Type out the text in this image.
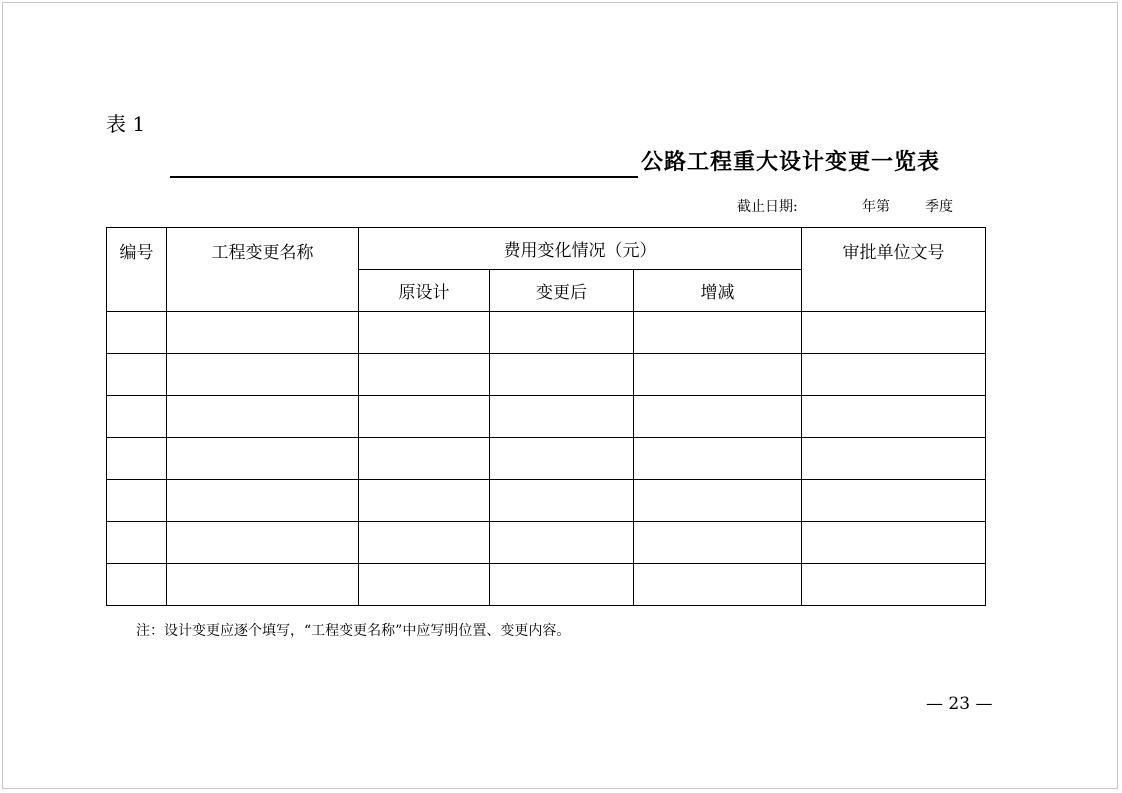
表 1
公路工程重大设计变更一览表
截止日期:	年第	季度
编号	工程变更名称	费用变化情况（元）			审批单位文号
		原设计	变更后	增减	

注：设计变更应逐个填写，“工程变更名称”中应写明位置、变更内容。
— 23 —
